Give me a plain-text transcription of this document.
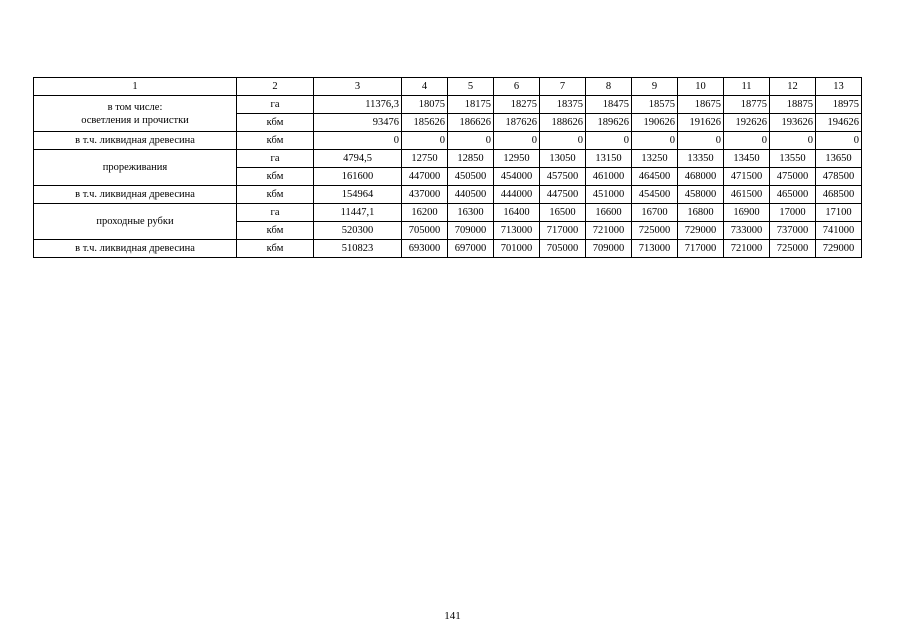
1	2	3	4	5	6	7	8	9	10	11	12	13

в том числе:
осветления и прочистки	га	11376,3	18075	18175	18275	18375	18475	18575	18675	18775	18875	18975
	кбм	93476	185626	186626	187626	188626	189626	190626	191626	192626	193626	194626
в т.ч. ликвидная древесина	кбм	0	0	0	0	0	0	0	0	0	0	0
прореживания	га	4794,5	12750	12850	12950	13050	13150	13250	13350	13450	13550	13650
	кбм	161600	447000	450500	454000	457500	461000	464500	468000	471500	475000	478500
в т.ч. ликвидная древесина	кбм	154964	437000	440500	444000	447500	451000	454500	458000	461500	465000	468500
проходные рубки	га	11447,1	16200	16300	16400	16500	16600	16700	16800	16900	17000	17100
	кбм	520300	705000	709000	713000	717000	721000	725000	729000	733000	737000	741000
в т.ч. ликвидная древесина	кбм	510823	693000	697000	701000	705000	709000	713000	717000	721000	725000	729000
141
